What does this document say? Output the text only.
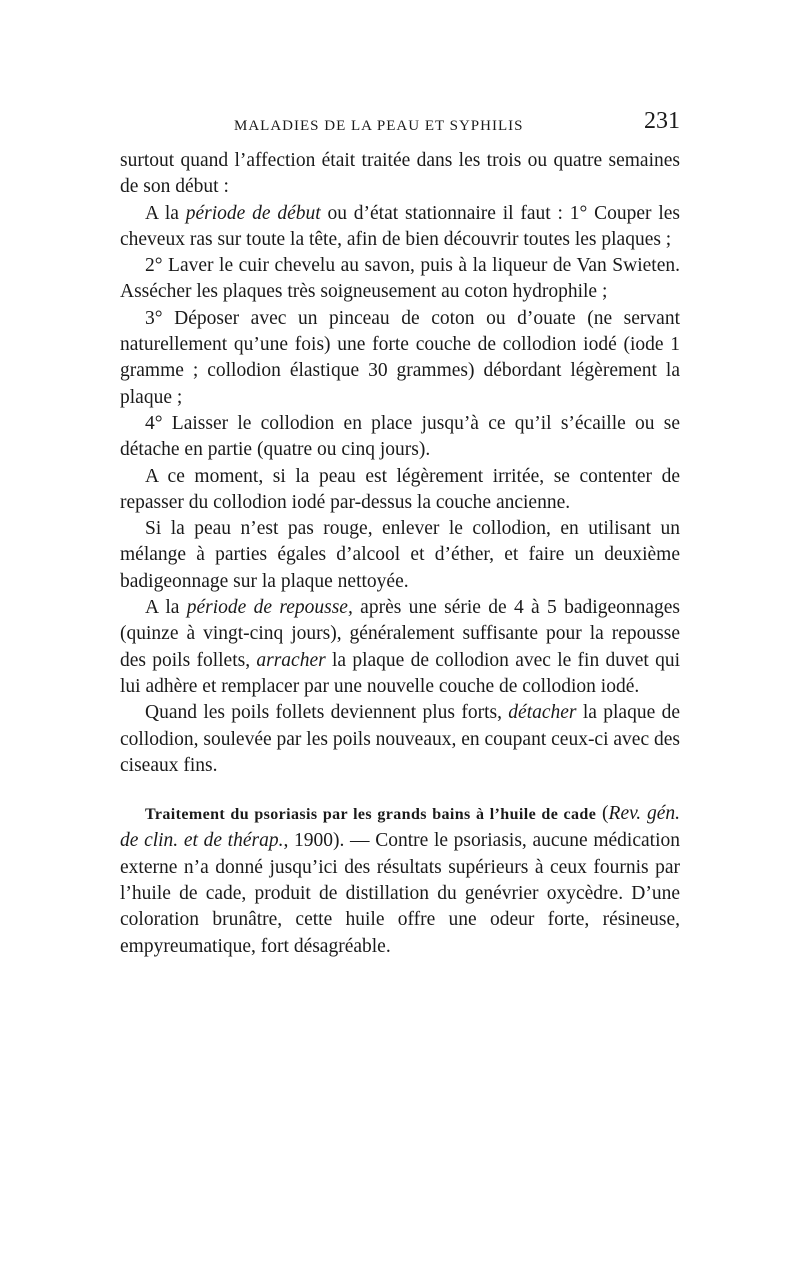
MALADIES DE LA PEAU ET SYPHILIS	231

surtout quand l’affection était traitée dans les trois ou quatre semaines de son début :

A la période de début ou d’état stationnaire il faut : 1° Couper les cheveux ras sur toute la tête, afin de bien découvrir toutes les plaques ;

2° Laver le cuir chevelu au savon, puis à la liqueur de Van Swieten. Assécher les plaques très soigneusement au coton hydrophile ;

3° Déposer avec un pinceau de coton ou d’ouate (ne servant naturellement qu’une fois) une forte couche de collodion iodé (iode 1 gramme ; collodion élastique 30 grammes) débordant légèrement la plaque ;

4° Laisser le collodion en place jusqu’à ce qu’il s’écaille ou se détache en partie (quatre ou cinq jours).

A ce moment, si la peau est légèrement irritée, se contenter de repasser du collodion iodé par-dessus la couche ancienne.

Si la peau n’est pas rouge, enlever le collodion, en utilisant un mélange à parties égales d’alcool et d’éther, et faire un deuxième badigeonnage sur la plaque nettoyée.

A la période de repousse, après une série de 4 à 5 badigeonnages (quinze à vingt-cinq jours), généralement suffisante pour la repousse des poils follets, arracher la plaque de collodion avec le fin duvet qui lui adhère et remplacer par une nouvelle couche de collodion iodé.

Quand les poils follets deviennent plus forts, détacher la plaque de collodion, soulevée par les poils nouveaux, en coupant ceux-ci avec des ciseaux fins.

Traitement du psoriasis par les grands bains à l’huile de cade (Rev. gén. de clin. et de thérap., 1900). — Contre le psoriasis, aucune médication externe n’a donné jusqu’ici des résultats supérieurs à ceux fournis par l’huile de cade, produit de distillation du genévrier oxycèdre. D’une coloration brunâtre, cette huile offre une odeur forte, résineuse, empyreumatique, fort désagréable.
